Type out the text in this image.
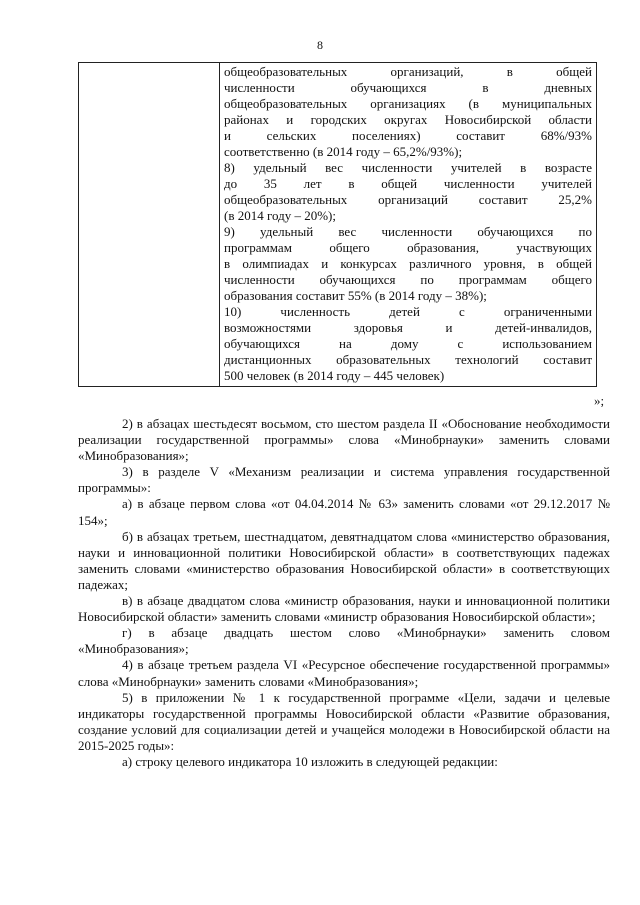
8

общеобразовательных организаций, в общей

численности обучающихся в дневных

общеобразовательных организациях (в муниципальных

районах и городских округах Новосибирской области

и сельских поселениях) составит 68%/93%

соответственно (в 2014 году – 65,2%/93%);

8) удельный вес численности учителей в возрасте

до 35 лет в общей численности учителей

общеобразовательных организаций составит 25,2%

(в 2014 году – 20%);

9) удельный вес численности обучающихся по

программам общего образования, участвующих

в олимпиадах и конкурсах различного уровня, в общей

численности обучающихся по программам общего

образования составит 55% (в 2014 году – 38%);

10) численность детей с ограниченными

возможностями здоровья и детей-инвалидов,

обучающихся на дому с использованием

дистанционных образовательных технологий составит

500 человек (в 2014 году – 445 человек)

»;

2) в абзацах шестьдесят восьмом, сто шестом раздела II «Обоснование необходимости реализации государственной программы» слова «Минобрнауки» заменить словами «Минобразования»;

3) в разделе V «Механизм реализации и система управления государственной программы»:

а) в абзаце первом слова «от 04.04.2014 № 63» заменить словами «от 29.12.2017 № 154»;

б) в абзацах третьем, шестнадцатом, девятнадцатом слова «министерство образования, науки и инновационной политики Новосибирской области» в соответствующих падежах заменить словами «министерство образования Новосибирской области» в соответствующих падежах;

в) в абзаце двадцатом слова «министр образования, науки и инновационной политики Новосибирской области» заменить словами «министр образования Новосибирской области»;

г) в абзаце двадцать шестом слово «Минобрнауки» заменить словом «Минобразования»;

4) в абзаце третьем раздела VI «Ресурсное обеспечение государственной программы» слова «Минобрнауки» заменить словами «Минобразования»;

5) в приложении № 1 к государственной программе «Цели, задачи и целевые индикаторы государственной программы Новосибирской области «Развитие образования, создание условий для социализации детей и учащейся молодежи в Новосибирской области на 2015-2025 годы»:

а) строку целевого индикатора 10 изложить в следующей редакции:
